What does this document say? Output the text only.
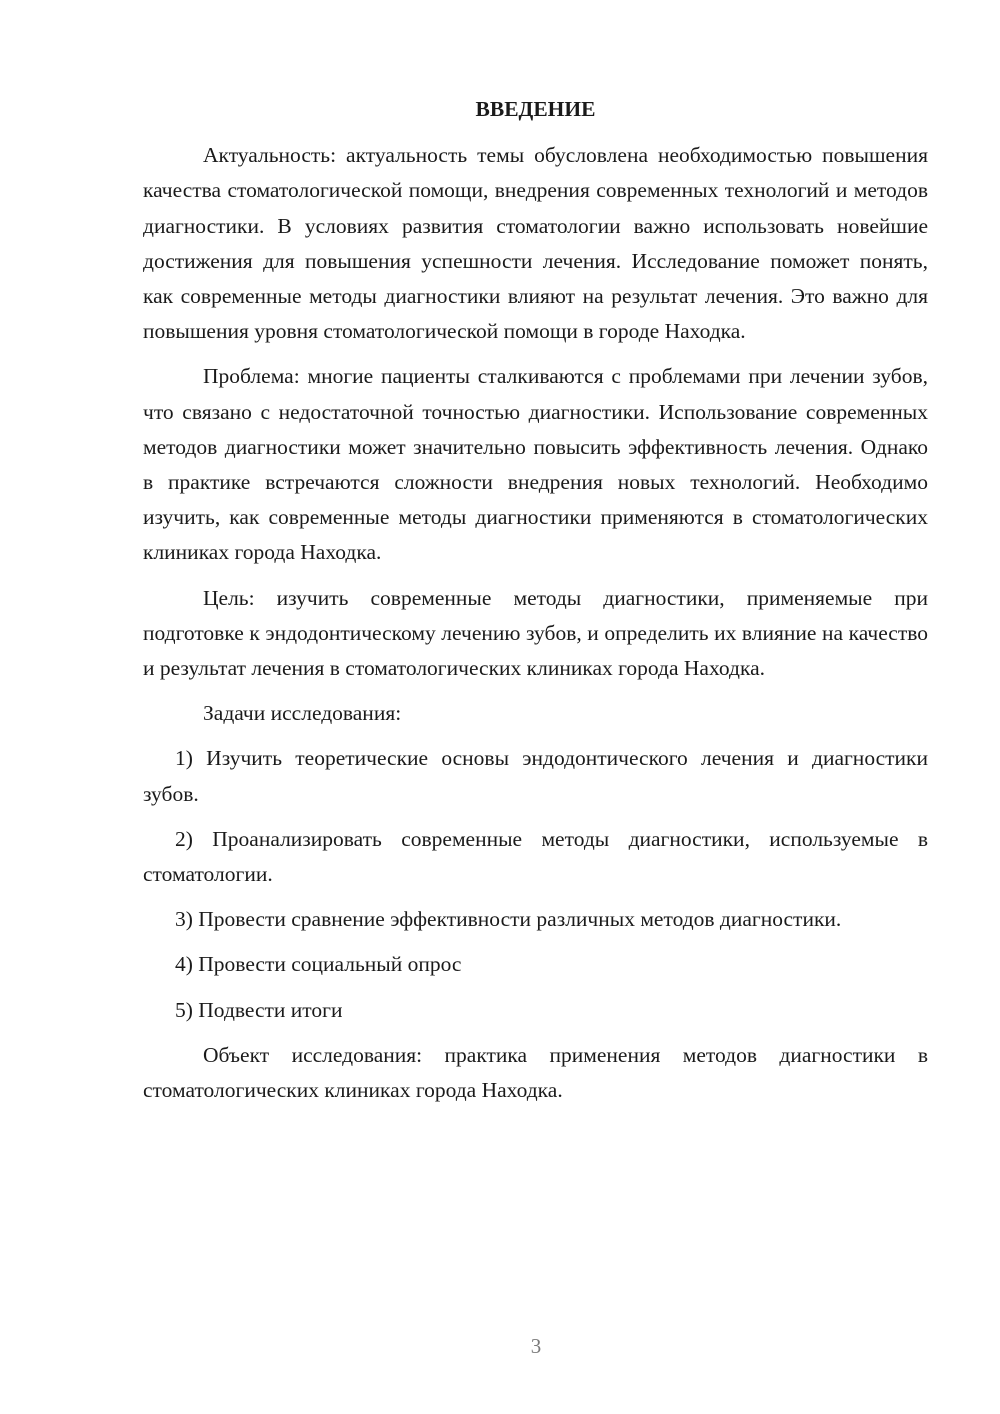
ВВЕДЕНИЕ

Актуальность: актуальность темы обусловлена необходимостью повышения качества стоматологической помощи, внедрения современных технологий и методов диагностики. В условиях развития стоматологии важно использовать новейшие достижения для повышения успешности лечения. Исследование поможет понять, как современные методы диагностики влияют на результат лечения. Это важно для повышения уровня стоматологической помощи в городе Находка.

Проблема: многие пациенты сталкиваются с проблемами при лечении зубов, что связано с недостаточной точностью диагностики. Использование современных методов диагностики может значительно повысить эффективность лечения. Однако в практике встречаются сложности внедрения новых технологий. Необходимо изучить, как современные методы диагностики применяются в стоматологических клиниках города Находка.

Цель: изучить современные методы диагностики, применяемые при подготовке к эндодонтическому лечению зубов, и определить их влияние на качество и результат лечения в стоматологических клиниках города Находка.

Задачи исследования:

1) Изучить теоретические основы эндодонтического лечения и диагностики зубов.

2) Проанализировать современные методы диагностики, используемые в стоматологии.

3) Провести сравнение эффективности различных методов диагностики.

4) Провести социальный опрос

5) Подвести итоги

Объект исследования: практика применения методов диагностики в стоматологических клиниках города Находка.

3
